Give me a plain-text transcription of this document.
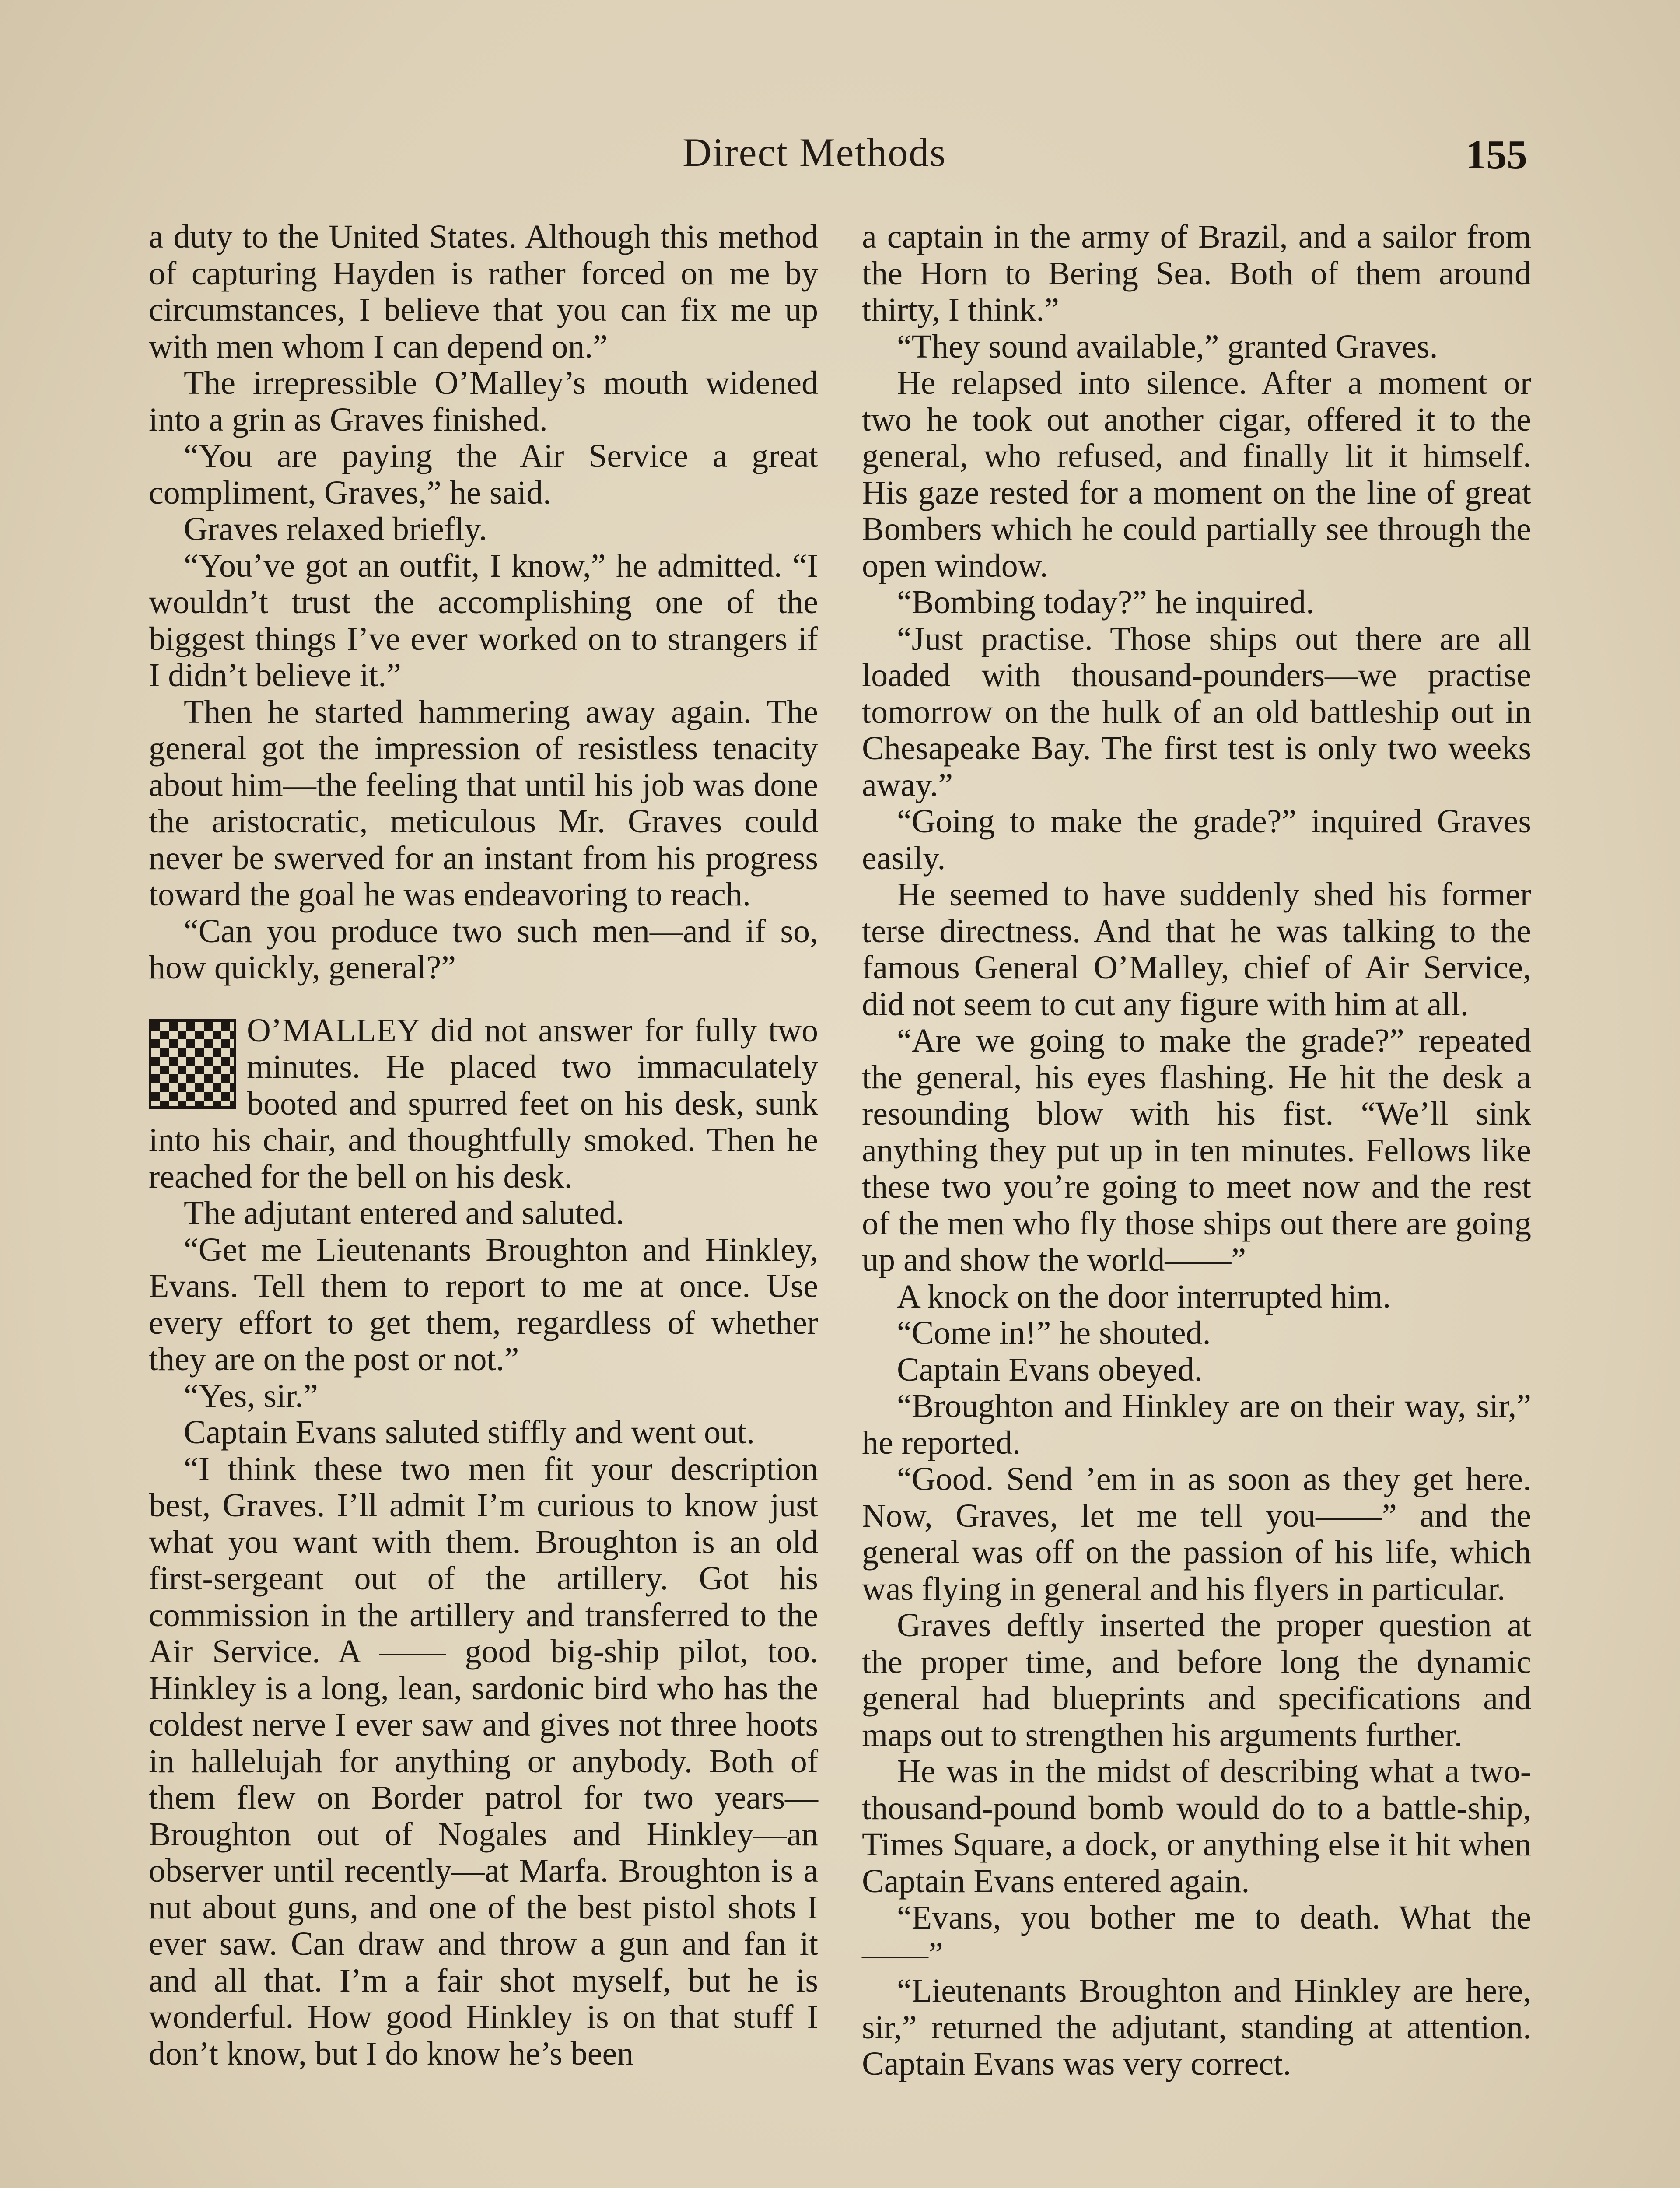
Direct Methods	155

a duty to the United States. Although this method of capturing Hayden is rather forced on me by circumstances, I believe that you can fix me up with men whom I can depend on.”

The irrepressible O’Malley’s mouth widened into a grin as Graves finished.

“You are paying the Air Service a great compliment, Graves,” he said.

Graves relaxed briefly.

“You’ve got an outfit, I know,” he admitted. “I wouldn’t trust the accomplishing one of the biggest things I’ve ever worked on to strangers if I didn’t believe it.”

Then he started hammering away again. The general got the impression of resistless tenacity about him—the feeling that until his job was done the aristocratic, meticulous Mr. Graves could never be swerved for an instant from his progress toward the goal he was endeavoring to reach.

“Can you produce two such men—and if so, how quickly, general?”

O’MALLEY did not answer for fully two minutes. He placed two immaculately booted and spurred feet on his desk, sunk into his chair, and thoughtfully smoked. Then he reached for the bell on his desk.

The adjutant entered and saluted.

“Get me Lieutenants Broughton and Hinkley, Evans. Tell them to report to me at once. Use every effort to get them, regardless of whether they are on the post or not.”

“Yes, sir.”

Captain Evans saluted stiffly and went out.

“I think these two men fit your description best, Graves. I’ll admit I’m curious to know just what you want with them. Broughton is an old first-sergeant out of the artillery. Got his commission in the artillery and transferred to the Air Service. A —— good big-ship pilot, too. Hinkley is a long, lean, sardonic bird who has the coldest nerve I ever saw and gives not three hoots in hallelujah for anything or anybody. Both of them flew on Border patrol for two years—Broughton out of Nogales and Hinkley—an observer until recently—at Marfa. Broughton is a nut about guns, and one of the best pistol shots I ever saw. Can draw and throw a gun and fan it and all that. I’m a fair shot myself, but he is wonderful. How good Hinkley is on that stuff I don’t know, but I do know he’s been

a captain in the army of Brazil, and a sailor from the Horn to Bering Sea. Both of them around thirty, I think.”

“They sound available,” granted Graves.

He relapsed into silence. After a moment or two he took out another cigar, offered it to the general, who refused, and finally lit it himself. His gaze rested for a moment on the line of great Bombers which he could partially see through the open window.

“Bombing today?” he inquired.

“Just practise. Those ships out there are all loaded with thousand-pounders—we practise tomorrow on the hulk of an old battleship out in Chesapeake Bay. The first test is only two weeks away.”

“Going to make the grade?” inquired Graves easily.

He seemed to have suddenly shed his former terse directness. And that he was talking to the famous General O’Malley, chief of Air Service, did not seem to cut any figure with him at all.

“Are we going to make the grade?” repeated the general, his eyes flashing. He hit the desk a resounding blow with his fist. “We’ll sink anything they put up in ten minutes. Fellows like these two you’re going to meet now and the rest of the men who fly those ships out there are going up and show the world——”

A knock on the door interrupted him.

“Come in!” he shouted.

Captain Evans obeyed.

“Broughton and Hinkley are on their way, sir,” he reported.

“Good. Send ’em in as soon as they get here. Now, Graves, let me tell you——” and the general was off on the passion of his life, which was flying in general and his flyers in particular.

Graves deftly inserted the proper question at the proper time, and before long the dynamic general had blueprints and specifications and maps out to strengthen his arguments further.

He was in the midst of describing what a two-thousand-pound bomb would do to a battle-ship, Times Square, a dock, or anything else it hit when Captain Evans entered again.

“Evans, you bother me to death. What the ——”

“Lieutenants Broughton and Hinkley are here, sir,” returned the adjutant, standing at attention. Captain Evans was very correct.
